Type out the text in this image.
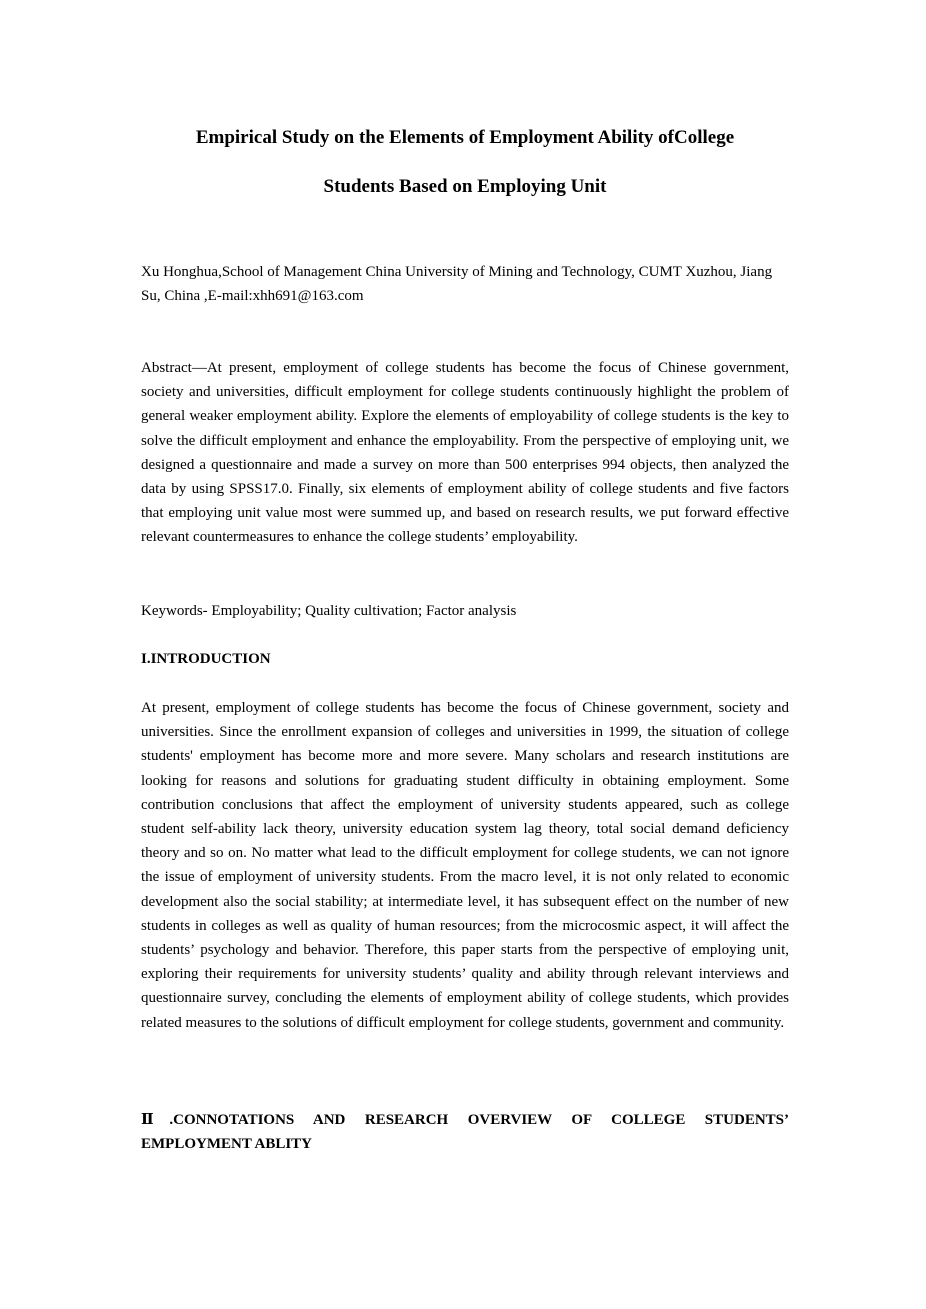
Empirical Study on the Elements of Employment Ability ofCollege
Students Based on Employing Unit
Xu Honghua,School of Management China University of Mining and Technology, CUMT Xuzhou, Jiang Su, China ,E-mail:xhh691@163.com
Abstract—At present, employment of college students has become the focus of Chinese government, society and universities, difficult employment for college students continuously highlight the problem of general weaker employment ability. Explore the elements of employability of college students is the key to solve the difficult employment and enhance the employability. From the perspective of employing unit, we designed a questionnaire and made a survey on more than 500 enterprises 994 objects, then analyzed the data by using SPSS17.0. Finally, six elements of employment ability of college students and five factors that employing unit value most were summed up, and based on research results, we put forward effective relevant countermeasures to enhance the college students’ employability.
Keywords- Employability; Quality cultivation; Factor analysis
I.INTRODUCTION
At present, employment of college students has become the focus of Chinese government, society and universities. Since the enrollment expansion of colleges and universities in 1999, the situation of college students' employment has become more and more severe. Many scholars and research institutions are looking for reasons and solutions for graduating student difficulty in obtaining employment. Some contribution conclusions that affect the employment of university students appeared, such as college student self-ability lack theory, university education system lag theory, total social demand deficiency theory and so on. No matter what lead to the difficult employment for college students, we can not ignore the issue of employment of university students. From the macro level, it is not only related to economic development also the social stability; at intermediate level, it has subsequent effect on the number of new students in colleges as well as quality of human resources; from the microcosmic aspect, it will affect the students’ psychology and behavior. Therefore, this paper starts from the perspective of employing unit, exploring their requirements for university students’ quality and ability through relevant interviews and questionnaire survey, concluding the elements of employment ability of college students, which provides related measures to the solutions of difficult employment for college students, government and community.
Ⅱ.CONNOTATIONS AND RESEARCH OVERVIEW OF COLLEGE STUDENTS’ EMPLOYMENT ABLITY
